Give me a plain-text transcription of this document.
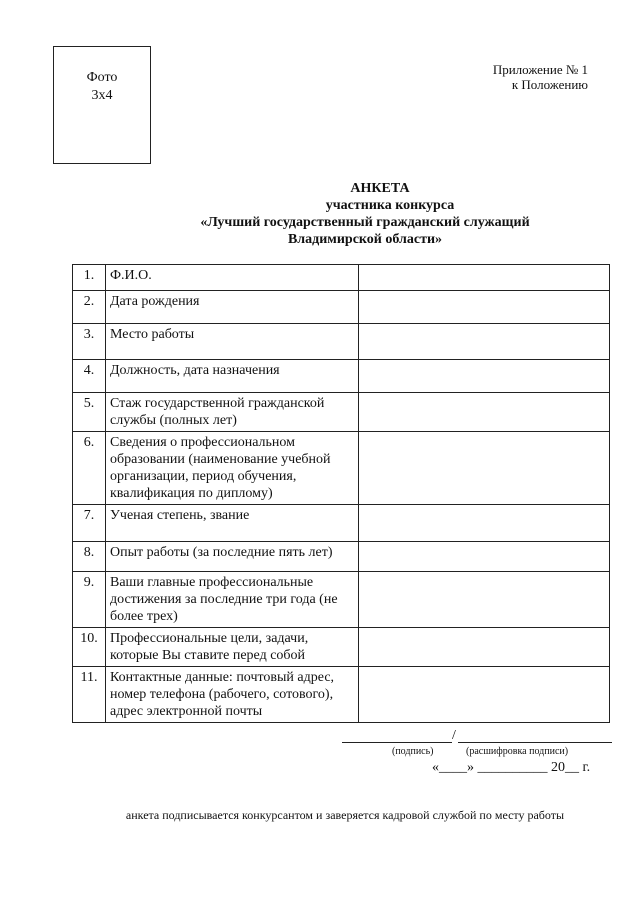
Фото
3x4
Приложение № 1
к Положению
АНКЕТА
участника конкурса
«Лучший государственный гражданский служащий
Владимирской области»
1.	Ф.И.О.	
2.	Дата рождения	
3.	Место работы	
4.	Должность, дата назначения	
5.	Стаж государственной гражданской службы (полных лет)	
6.	Сведения о профессиональном образовании (наименование учебной организации, период обучения, квалификация по диплому)	
7.	Ученая степень, звание	
8.	Опыт работы (за последние пять лет)	
9.	Ваши главные профессиональные достижения за последние три года (не более трех)	
10.	Профессиональные цели, задачи, которые Вы ставите перед собой	
11.	Контактные данные: почтовый адрес, номер телефона (рабочего, сотового), адрес электронной почты	
/
(подпись)	(расшифровка подписи)
«____» __________ 20__ г.
анкета подписывается конкурсантом и заверяется кадровой службой по месту работы
